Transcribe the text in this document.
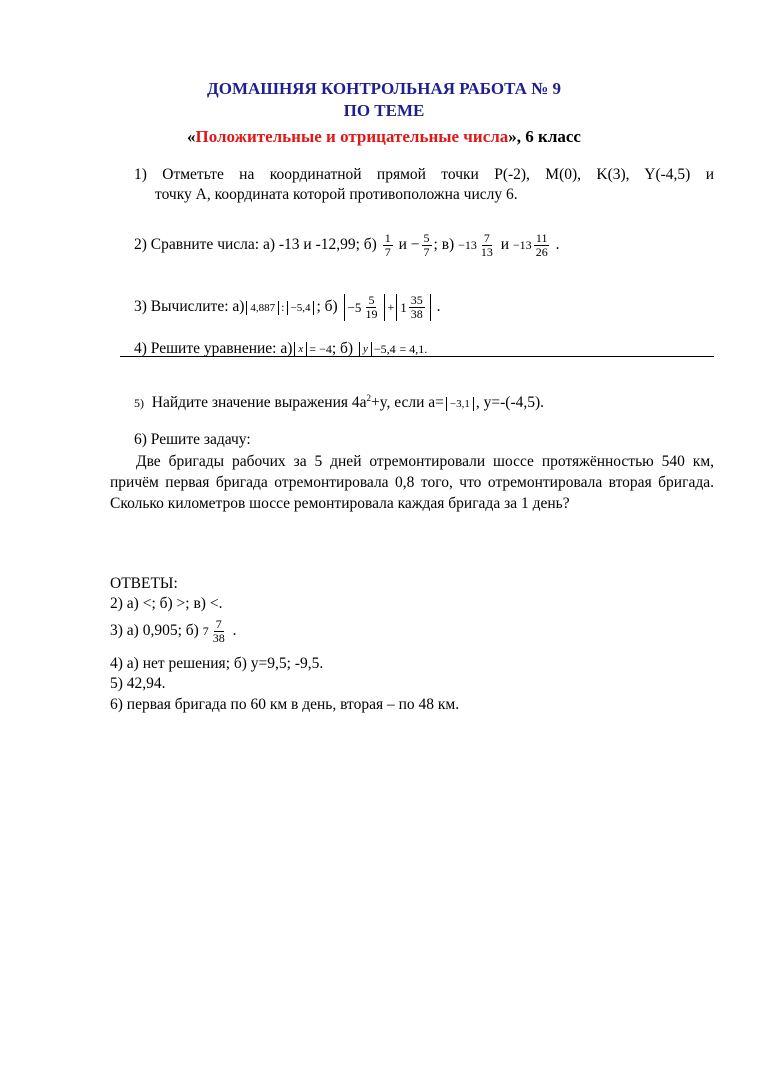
ДОМАШНЯЯ КОНТРОЛЬНАЯ РАБОТА № 9
ПО ТЕМЕ
«Положительные и отрицательные числа», 6 класс
1) Отметьте на координатной прямой точки P(-2), M(0), K(3), Y(-4,5) и
точку A, координата которой противоположна числу 6.
2) Сравните числа: а) -13 и -12,99; $б) \frac{1}{7}$ $и - \frac{5}{7}$ ; $в) -13 \frac{7}{13}$ $и -13 \frac{11}{26}$ .
3) Вычислите: а) 4,887 : −5,4 ; $б) -5 \frac{5}{19} + 1 \frac{35}{38}$ .
4) Решите уравнение: а) x = −4; б) y −5,4 = 4,1.
5) Найдите значение выражения $4a^2+y$, если a= −3,1 , y=-(-4,5).
6) Решите задачу:
Две бригады рабочих за 5 дней отремонтировали шоссе протяжённостью 540 км, причём первая бригада отремонтировала 0,8 того, что отремонтировала вторая бригада. Сколько километров шоссе ремонтировала каждая бригада за 1 день?
ОТВЕТЫ:
2) а) <; б) >; в) <.
3) а) 0,905; б) $7 \frac{7}{38}$ .
4) а) нет решения; б) y=9,5; -9,5.
5) 42,94.
6) первая бригада по 60 км в день, вторая – по 48 км.
